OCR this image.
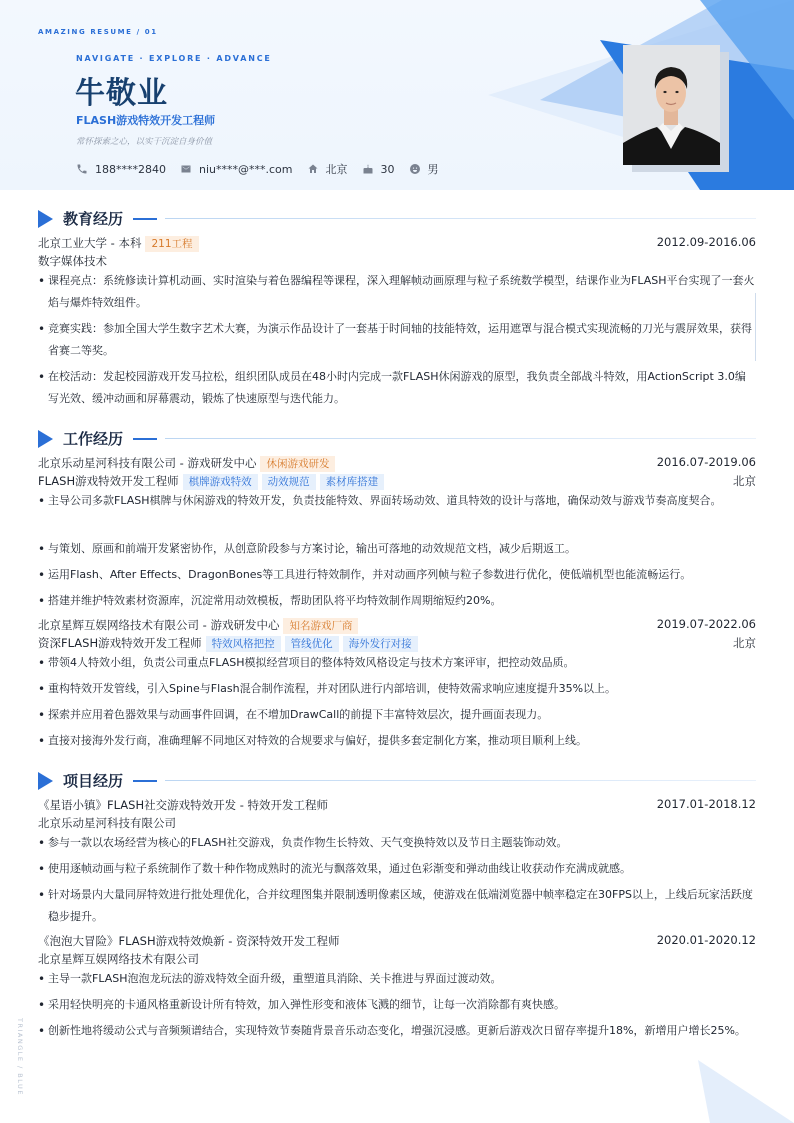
AMAZING RESUME / 01
NAVIGATE · EXPLORE · ADVANCE
牛敬业
FLASH游戏特效开发工程师
常怀探索之心，以实干沉淀自身价值
188****2840	niu****@***.com	北京	30	男
教育经历
北京工业大学 - 本科 211工程	2012.09-2016.06
数字媒体技术
• 课程亮点：系统修读计算机动画、实时渲染与着色器编程等课程，深入理解帧动画原理与粒子系统数学模型，结课作业为FLASH平台实现了一套火焰与爆炸特效组件。
• 竞赛实践：参加全国大学生数字艺术大赛，为演示作品设计了一套基于时间轴的技能特效，运用遮罩与混合模式实现流畅的刀光与震屏效果，获得省赛二等奖。
• 在校活动：发起校园游戏开发马拉松，组织团队成员在48小时内完成一款FLASH休闲游戏的原型，我负责全部战斗特效，用ActionScript 3.0编写光效、缓冲动画和屏幕震动，锻炼了快速原型与迭代能力。
工作经历
北京乐动星河科技有限公司 - 游戏研发中心 休闲游戏研发	2016.07-2019.06
FLASH游戏特效开发工程师 棋牌游戏特效 动效规范 素材库搭建	北京
• 主导公司多款FLASH棋牌与休闲游戏的特效开发，负责技能特效、界面转场动效、道具特效的设计与落地，确保动效与游戏节奏高度契合。
• 与策划、原画和前端开发紧密协作，从创意阶段参与方案讨论，输出可落地的动效规范文档，减少后期返工。
• 运用Flash、After Effects、DragonBones等工具进行特效制作，并对动画序列帧与粒子参数进行优化，使低端机型也能流畅运行。
• 搭建并维护特效素材资源库，沉淀常用动效模板，帮助团队将平均特效制作周期缩短约20%。
北京星辉互娱网络技术有限公司 - 游戏研发中心 知名游戏厂商	2019.07-2022.06
资深FLASH游戏特效开发工程师 特效风格把控 管线优化 海外发行对接	北京
• 带领4人特效小组，负责公司重点FLASH模拟经营项目的整体特效风格设定与技术方案评审，把控动效品质。
• 重构特效开发管线，引入Spine与Flash混合制作流程，并对团队进行内部培训，使特效需求响应速度提升35%以上。
• 探索并应用着色器效果与动画事件回调，在不增加DrawCall的前提下丰富特效层次，提升画面表现力。
• 直接对接海外发行商，准确理解不同地区对特效的合规要求与偏好，提供多套定制化方案，推动项目顺利上线。
项目经历
《星语小镇》FLASH社交游戏特效开发 - 特效开发工程师	2017.01-2018.12
北京乐动星河科技有限公司
• 参与一款以农场经营为核心的FLASH社交游戏，负责作物生长特效、天气变换特效以及节日主题装饰动效。
• 使用逐帧动画与粒子系统制作了数十种作物成熟时的流光与飘落效果，通过色彩渐变和弹动曲线让收获动作充满成就感。
• 针对场景内大量同屏特效进行批处理优化，合并纹理图集并限制透明像素区域，使游戏在低端浏览器中帧率稳定在30FPS以上，上线后玩家活跃度稳步提升。
《泡泡大冒险》FLASH游戏特效焕新 - 资深特效开发工程师	2020.01-2020.12
北京星辉互娱网络技术有限公司
• 主导一款FLASH泡泡龙玩法的游戏特效全面升级，重塑道具消除、关卡推进与界面过渡动效。
• 采用轻快明亮的卡通风格重新设计所有特效，加入弹性形变和液体飞溅的细节，让每一次消除都有爽快感。
• 创新性地将缓动公式与音频频谱结合，实现特效节奏随背景音乐动态变化，增强沉浸感。更新后游戏次日留存率提升18%，新增用户增长25%。
TRIANGLE / BLUE
